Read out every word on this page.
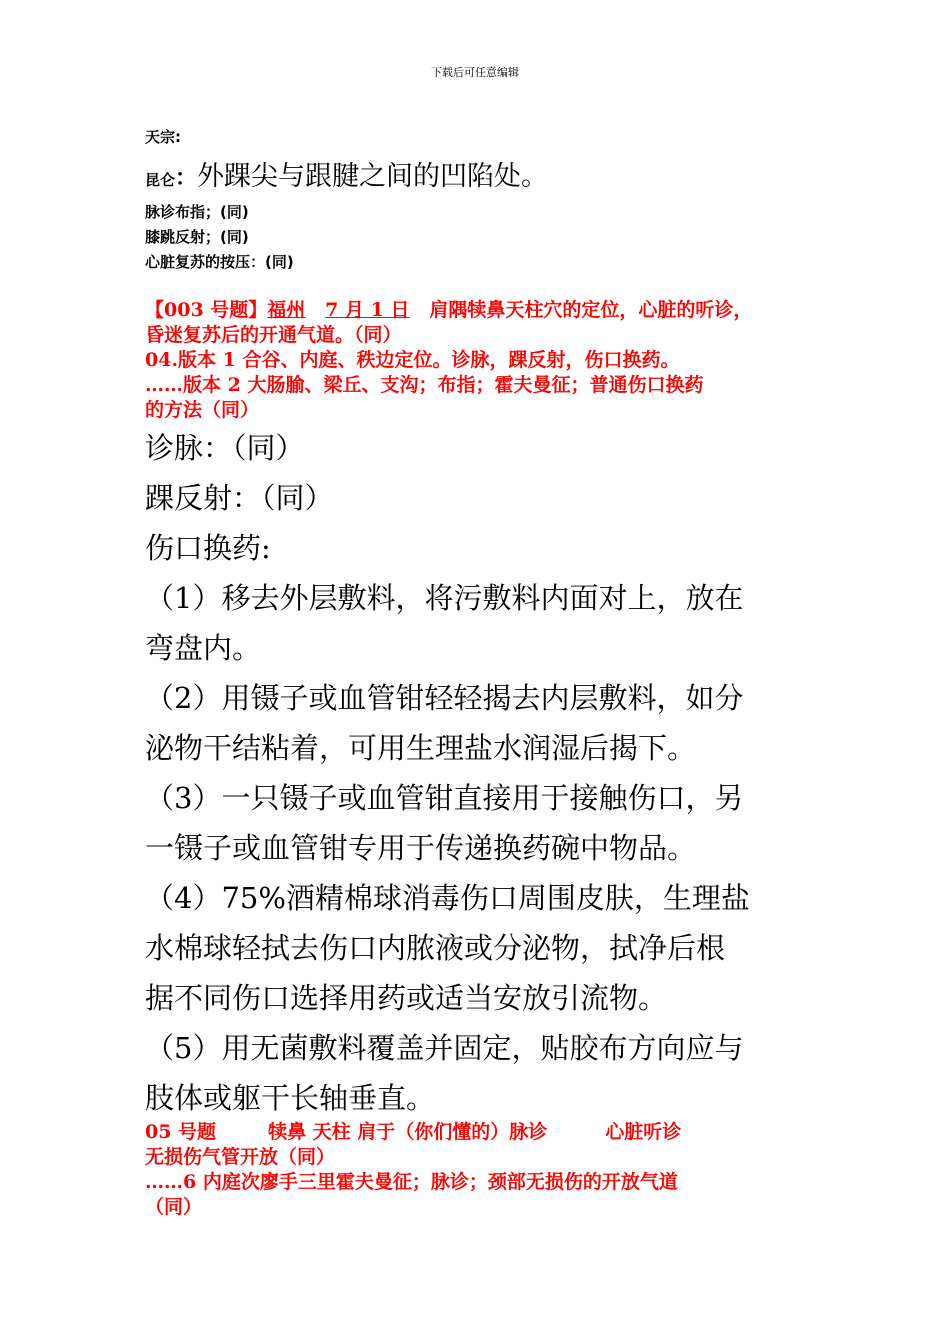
下载后可任意编辑
天宗:
昆仑：外踝尖与跟腱之间的凹陷处。
脉诊布指；(同)
膝跳反射；(同)
心脏复苏的按压：(同)
【003 号题】福州 7 月 1 日 肩隅犊鼻天柱穴的定位，心脏的听诊，
昏迷复苏后的开通气道。（同）
04.版本 1 合谷、内庭、秩边定位。诊脉，踝反射，伤口换药。
……版本 2 大肠腧、梁丘、支沟；布指；霍夫曼征；普通伤口换药
的方法（同）
诊脉：（同）
踝反射：（同）
伤口换药:
（1）移去外层敷料，将污敷料内面对上，放在
弯盘内。
（2）用镊子或血管钳轻轻揭去内层敷料，如分
泌物干结粘着，可用生理盐水润湿后揭下。
（3）一只镊子或血管钳直接用于接触伤口，另
一镊子或血管钳专用于传递换药碗中物品。
（4）75%酒精棉球消毒伤口周围皮肤，生理盐
水棉球轻拭去伤口内脓液或分泌物，拭净后根
据不同伤口选择用药或适当安放引流物。
（5）用无菌敷料覆盖并固定，贴胶布方向应与
肢体或躯干长轴垂直。
05 号题	犊鼻 天柱 肩于（你们懂的）脉诊	心脏听诊
无损伤气管开放（同）
……6 内庭次廖手三里霍夫曼征；脉诊；颈部无损伤的开放气道
（同）
